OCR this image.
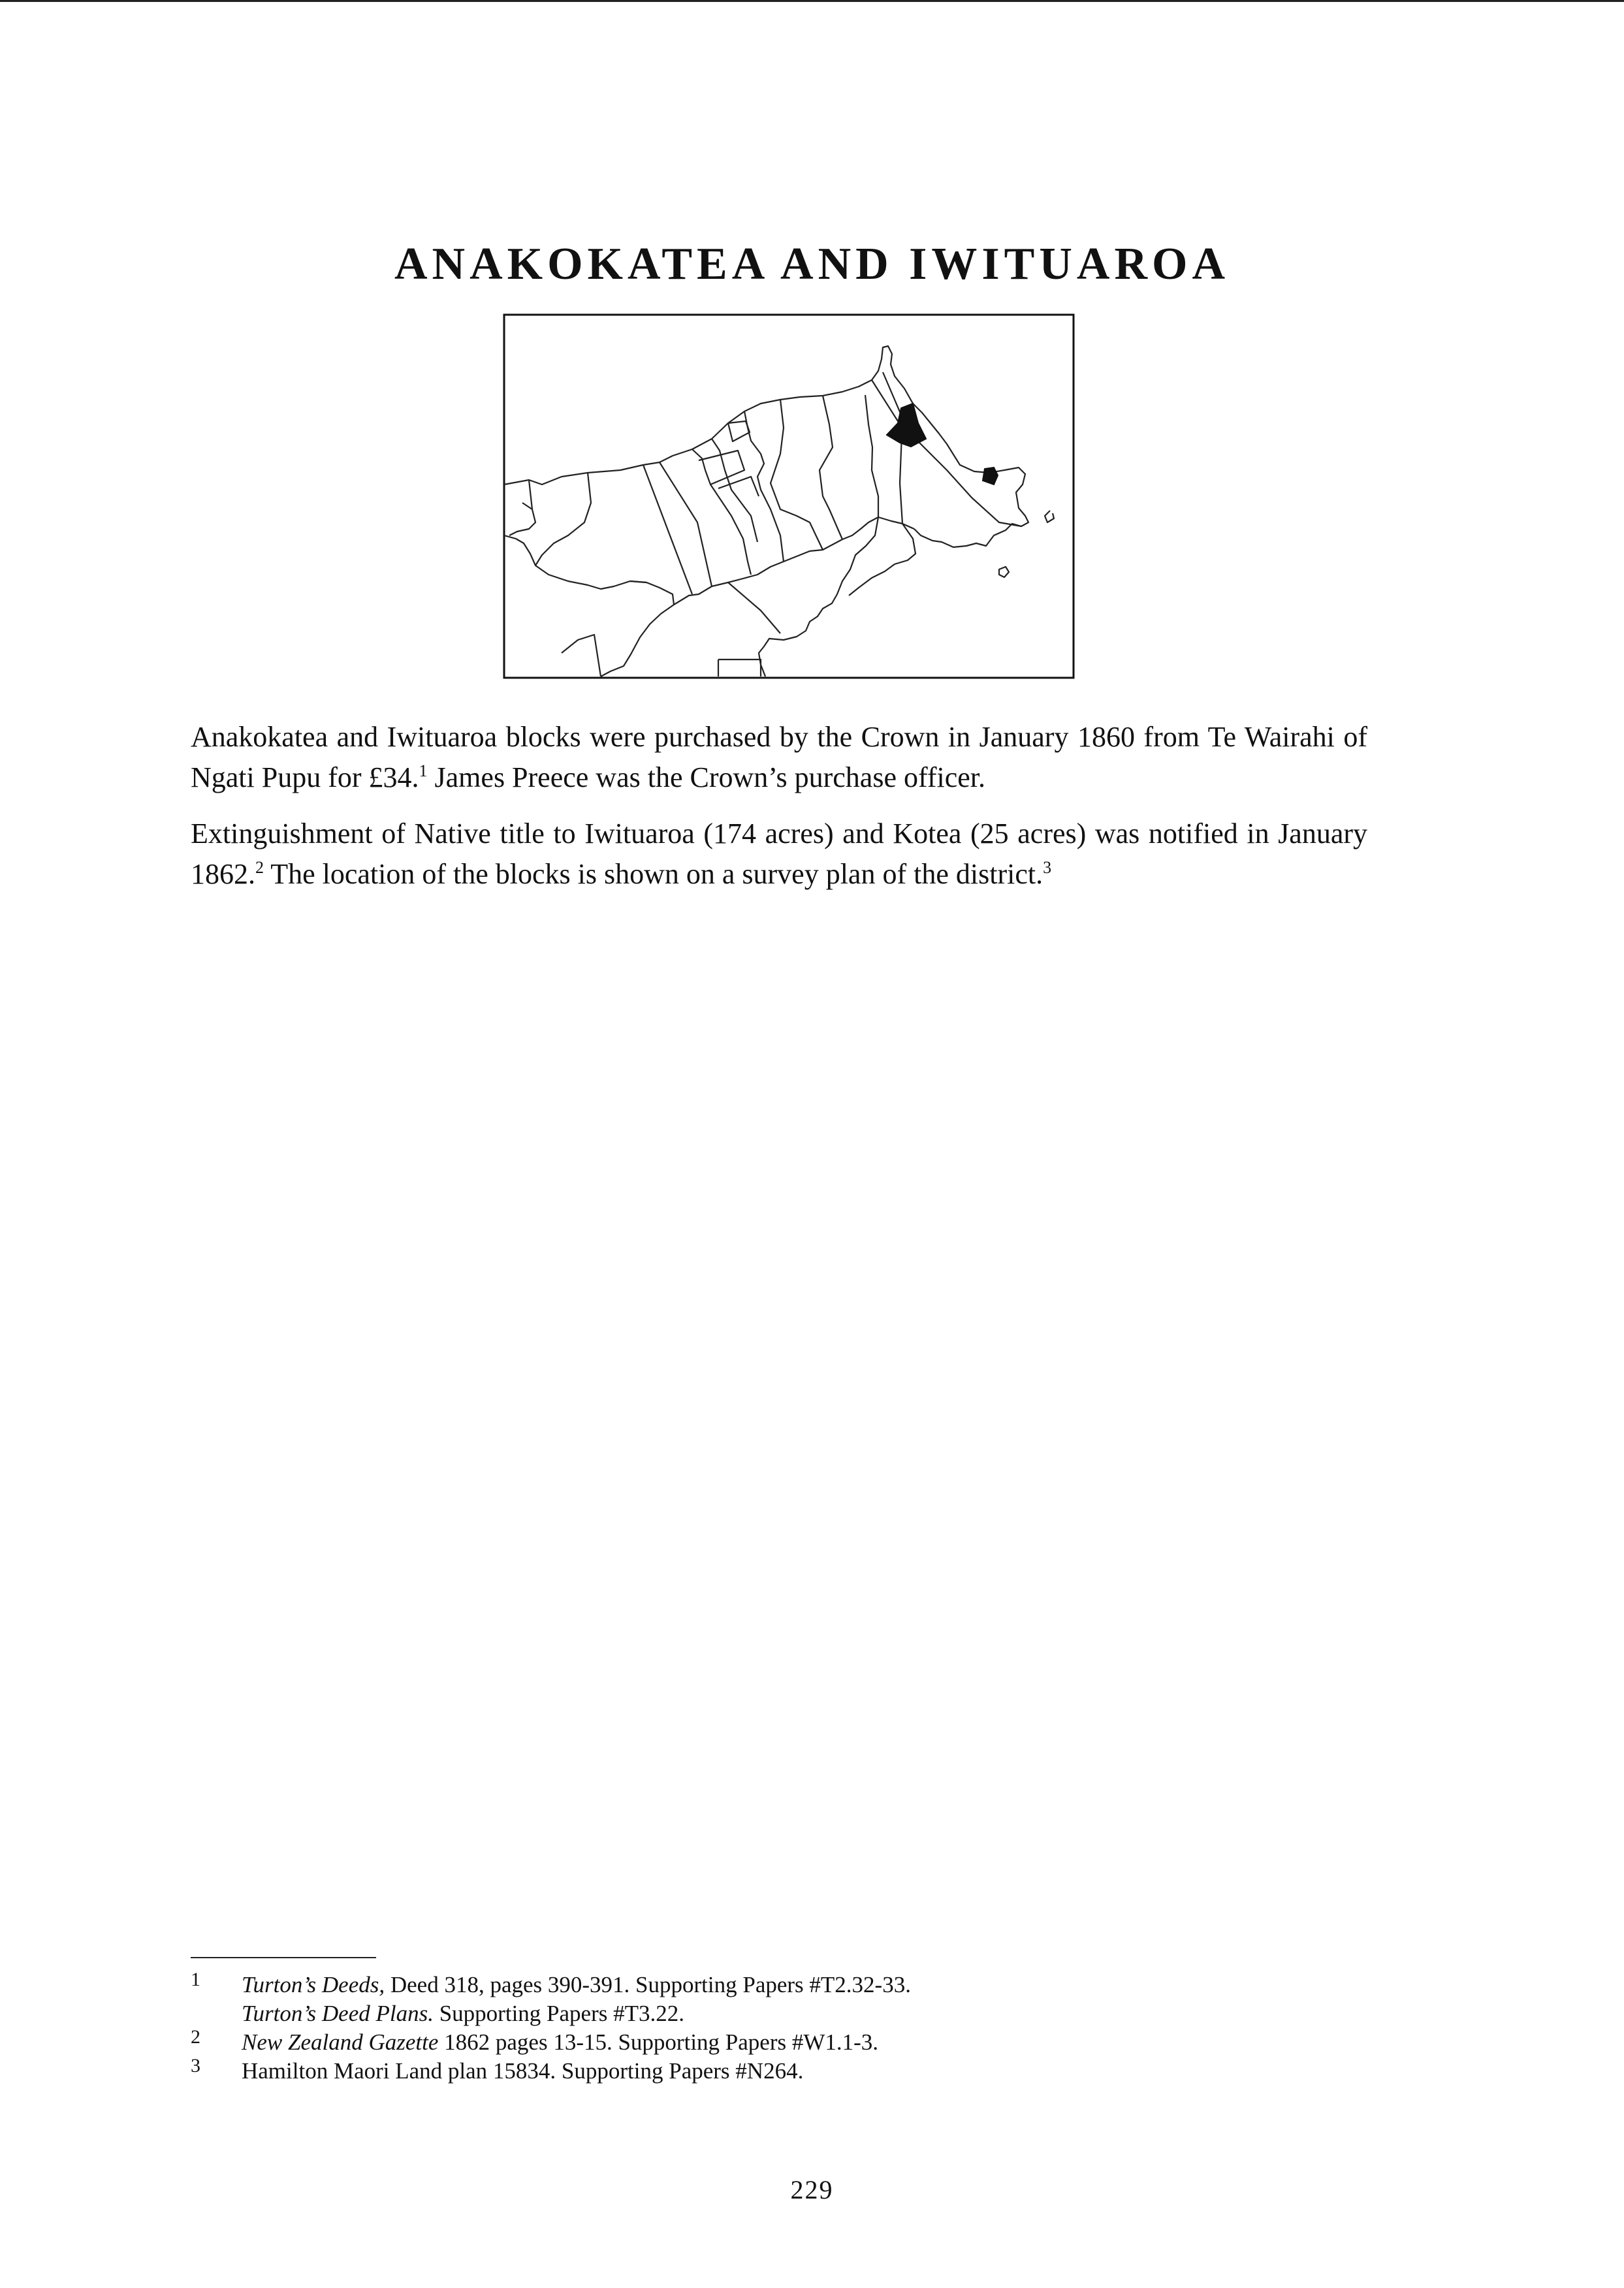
ANAKOKATEA AND IWITUAROA

Anakokatea and Iwituaroa blocks were purchased by the Crown in January 1860 from Te Wairahi of Ngati Pupu for £34.$^1$ James Preece was the Crown’s purchase officer.

Extinguishment of Native title to Iwituaroa (174 acres) and Kotea (25 acres) was notified in January 1862.$^2$ The location of the blocks is shown on a survey plan of the district.$^3$

1 Turton’s Deeds, Deed 318, pages 390-391. Supporting Papers #T2.32-33.
Turton’s Deed Plans. Supporting Papers #T3.22.
2 New Zealand Gazette 1862 pages 13-15. Supporting Papers #W1.1-3.
3 Hamilton Maori Land plan 15834. Supporting Papers #N264.
229
